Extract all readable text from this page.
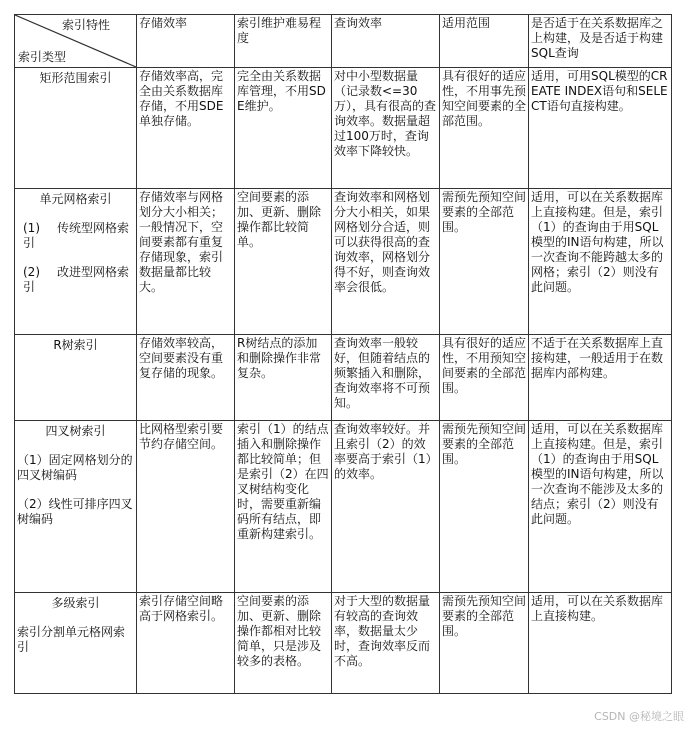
索引特性
索引类型	存储效率	索引维护难易程度	查询效率	适用范围	是否适于在关系数据库之上构建，及是否适于构建SQL查询

矩形范围索引	存储效率高，完全由关系数据库存储，不用SDE单独存储。	完全由关系数据库管理，不用SDE维护。	对中小型数据量（记录数<=30万），具有很高的查询效率。数据量超过100万时，查询效率下降较快。	具有很好的适应性，不用事先预知空间要素的全部范围。	适用，可用SQL模型的CREATE INDEX语句和SELECT语句直接构建。

单元网格索引
(1) 传统型网格索引
(2) 改进型网格索引	存储效率与网格划分大小相关；一般情况下，空间要素都有重复存储现象，索引数据量都比较大。	空间要素的添加、更新、删除操作都比较简单。	查询效率和网格划分大小相关，如果网格划分合适，则可以获得很高的查询效率，网格划分得不好，则查询效率会很低。	需预先预知空间要素的全部范围。	适用，可以在关系数据库上直接构建。但是，索引（1）的查询由于用SQL模型的IN语句构建，所以一次查询不能跨越太多的网格；索引（2）则没有此问题。

R树索引	存储效率较高，空间要素没有重复存储的现象。	R树结点的添加和删除操作非常复杂。	查询效率一般较好，但随着结点的频繁插入和删除，查询效率将不可预知。	具有很好的适应性，不用预知空间要素的全部范围。	不适于在关系数据库上直接构建，一般适用于在数据库内部构建。

四叉树索引
（1）固定网格划分的四叉树编码
（2）线性可排序四叉树编码	比网格型索引要节约存储空间。	索引（1）的结点插入和删除操作都比较简单；但是索引（2）在四叉树结构变化时，需要重新编码所有结点，即重新构建索引。	查询效率较好。并且索引（2）的效率要高于索引（1）的效率。	需预先预知空间要素的全部范围。	适用，可以在关系数据库上直接构建。但是，索引（1）的查询由于用SQL模型的IN语句构建，所以一次查询不能涉及太多的结点；索引（2）则没有此问题。

多级索引
索引分割单元格网索引	索引存储空间略高于网格索引。	空间要素的添加、更新、删除操作都相对比较简单，只是涉及较多的表格。	对于大型的数据量有较高的查询效率，数据量太少时，查询效率反而不高。	需预先预知空间要素的全部范围。	适用，可以在关系数据库上直接构建。
CSDN @秘境之眼
